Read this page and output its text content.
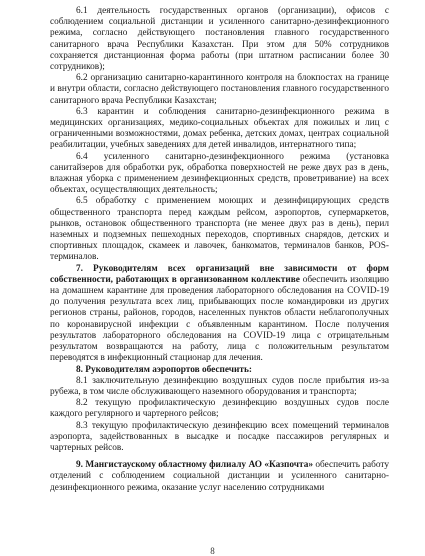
6.1 деятельность государственных органов (организации), офисов с соблюдением социальной дистанции и усиленного санитарно-дезинфекционного режима, согласно действующего постановления главного государственного санитарного врача Республики Казахстан. При этом для 50% сотрудников сохраняется дистанционная форма работы (при штатном расписании более 30 сотрудников);

6.2 организацию санитарно-карантинного контроля на блокпостах на границе и внутри области, согласно действующего постановления главного государственного санитарного врача Республики Казахстан;

6.3 карантин и соблюдения санитарно-дезинфекционного режима в медицинских организациях, медико-социальных объектах для пожилых и лиц с ограниченными возможностями, домах ребенка, детских домах, центрах социальной реабилитации, учебных заведениях для детей инвалидов, интернатного типа;

6.4 усиленного санитарно-дезинфекционного режима (установка санитайзеров для обработки рук, обработка поверхностей не реже двух раз в день, влажная уборка с применением дезинфекционных средств, проветривание) на всех объектах, осуществляющих деятельность;

6.5 обработку с применением моющих и дезинфицирующих средств общественного транспорта перед каждым рейсом, аэропортов, супермаркетов, рынков, остановок общественного транспорта (не менее двух раз в день), перил наземных и подземных пешеходных переходов, спортивных снарядов, детских и спортивных площадок, скамеек и лавочек, банкоматов, терминалов банков, POS-терминалов.

7. Руководителям всех организаций вне зависимости от форм собственности, работающих в организованном коллективе обеспечить изоляцию на домашнем карантине для проведения лабораторного обследования на COVID-19 до получения результата всех лиц, прибывающих после командировки из других регионов страны, районов, городов, населенных пунктов области неблагополучных по коронавирусной инфекции с объявленным карантином. После получения результатов лабораторного обследования на COVID-19 лица с отрицательным результатом возвращаются на работу, лица с положительным результатом переводятся в инфекционный стационар для лечения.

8. Руководителям аэропортов обеспечить:

8.1 заключительную дезинфекцию воздушных судов после прибытия из-за рубежа, в том числе обслуживающего наземного оборудования и транспорта;

8.2 текущую профилактическую дезинфекцию воздушных судов после каждого регулярного и чартерного рейсов;

8.3 текущую профилактическую дезинфекцию всех помещений терминалов аэропорта, задействованных в высадке и посадке пассажиров регулярных и чартерных рейсов.

9. Мангистаускому областному филиалу АО «Казпочта» обеспечить работу отделений с соблюдением социальной дистанции и усиленного санитарно-дезинфекционного режима, оказание услуг населению сотрудниками

8
